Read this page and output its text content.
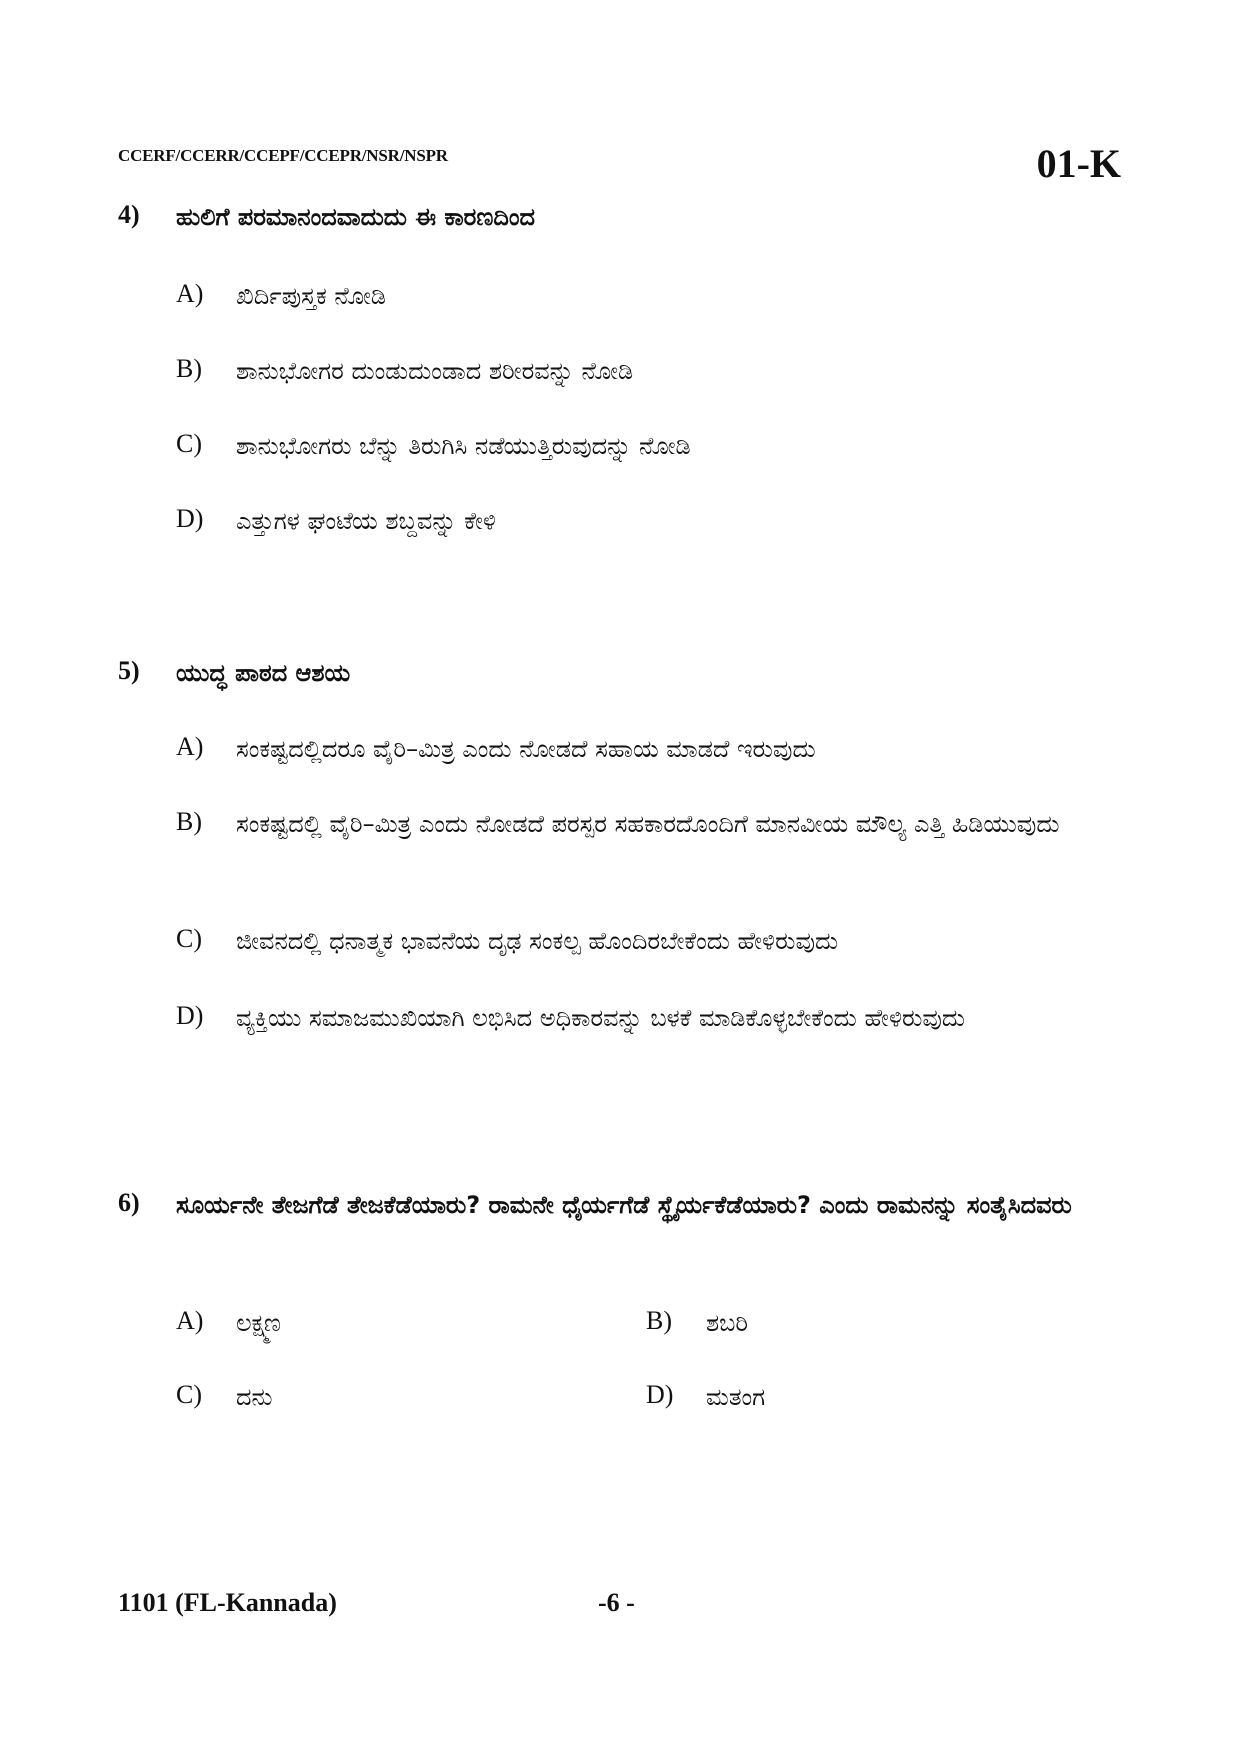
CCERF/CCERR/CCEPF/CCEPR/NSR/NSPR	01-K
4)	ಹುಲಿಗೆ ಪರಮಾನಂದವಾದುದು ಈ ಕಾರಣದಿಂದ
A)	ಖಿರ್ದಿಪುಸ್ತಕ ನೋಡಿ
B)	ಶಾನುಭೋಗರ ದುಂಡುದುಂಡಾದ ಶರೀರವನ್ನು ನೋಡಿ
C)	ಶಾನುಭೋಗರು ಬೆನ್ನು ತಿರುಗಿಸಿ ನಡೆಯುತ್ತಿರುವುದನ್ನು ನೋಡಿ
D)	ಎತ್ತುಗಳ ಘಂಟೆಯ ಶಬ್ದವನ್ನು ಕೇಳಿ
5)	ಯುದ್ಧ ಪಾಠದ ಆಶಯ
A)	ಸಂಕಷ್ಟದಲ್ಲಿದರೂ ವೈರಿ–ಮಿತ್ರ ಎಂದು ನೋಡದೆ ಸಹಾಯ ಮಾಡದೆ ಇರುವುದು
B)	ಸಂಕಷ್ಟದಲ್ಲಿ ವೈರಿ–ಮಿತ್ರ ಎಂದು ನೋಡದೆ ಪರಸ್ಪರ ಸಹಕಾರದೊಂದಿಗೆ ಮಾನವೀಯ ಮೌಲ್ಯ ಎತ್ತಿ ಹಿಡಿಯುವುದು
C)	ಜೀವನದಲ್ಲಿ ಧನಾತ್ಮಕ ಭಾವನೆಯ ದೃಢ ಸಂಕಲ್ಪ ಹೊಂದಿರಬೇಕೆಂದು ಹೇಳಿರುವುದು
D)	ವ್ಯಕ್ತಿಯು ಸಮಾಜಮುಖಿಯಾಗಿ ಲಭಿಸಿದ ಅಧಿಕಾರವನ್ನು ಬಳಕೆ ಮಾಡಿಕೊಳ್ಳಬೇಕೆಂದು ಹೇಳಿರುವುದು
6)	ಸೂರ್ಯನೇ ತೇಜಗೆಡೆ ತೇಜಕೆಡೆಯಾರು? ರಾಮನೇ ಧೈರ್ಯಗೆಡೆ ಸ್ಥೈರ್ಯಕೆಡೆಯಾರು? ಎಂದು ರಾಮನನ್ನು ಸಂತೈಸಿದವರು
A)	ಲಕ್ಷ್ಮಣ	B)	ಶಬರಿ
C)	ದನು	D)	ಮತಂಗ
1101 (FL-Kannada)	-6 -
